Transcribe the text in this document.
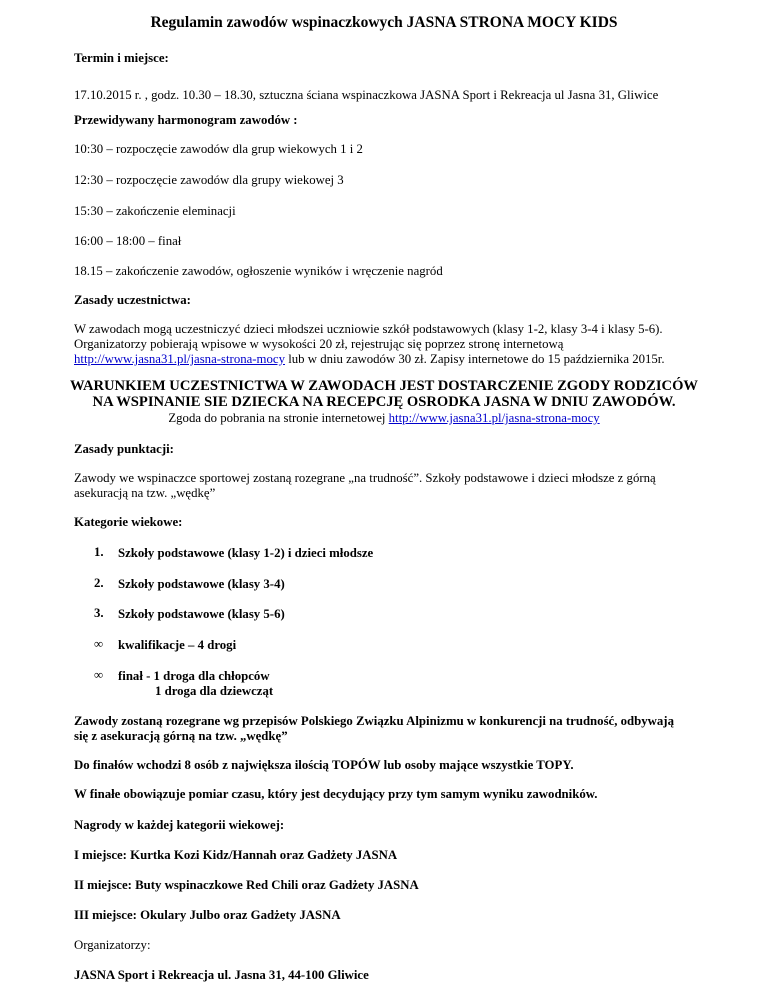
Regulamin zawodów wspinaczkowych JASNA STRONA MOCY KIDS
Termin i miejsce:
17.10.2015 r. , godz. 10.30 – 18.30, sztuczna ściana wspinaczkowa JASNA Sport i Rekreacja ul Jasna 31, Gliwice
Przewidywany harmonogram zawodów :
10:30 – rozpoczęcie zawodów dla grup wiekowych 1 i 2
12:30 – rozpoczęcie zawodów dla grupy wiekowej 3
15:30 – zakończenie eleminacji
16:00 – 18:00 – finał
18.15 – zakończenie zawodów, ogłoszenie wyników i wręczenie nagród
Zasady uczestnictwa:
W zawodach mogą uczestniczyć dzieci młodszei uczniowie szkół podstawowych (klasy 1-2, klasy 3-4 i klasy 5-6).
Organizatorzy pobierają wpisowe w wysokości 20 zł, rejestrując się poprzez stronę internetową
http://www.jasna31.pl/jasna-strona-mocy lub w dniu zawodów 30 zł. Zapisy internetowe do 15 października 2015r.
WARUNKIEM UCZESTNICTWA W ZAWODACH JEST DOSTARCZENIE ZGODY RODZICÓW
NA WSPINANIE SIE DZIECKA NA RECEPCJĘ OSRODKA JASNA W DNIU ZAWODÓW.
Zgoda do pobrania na stronie internetowej http://www.jasna31.pl/jasna-strona-mocy
Zasady punktacji:
Zawody we wspinaczce sportowej zostaną rozegrane „na trudność”. Szkoły podstawowe i dzieci młodsze z górną
asekuracją na tzw. „wędkę”
Kategorie wiekowe:
1. Szkoły podstawowe (klasy 1-2) i dzieci młodsze
2. Szkoły podstawowe (klasy 3-4)
3. Szkoły podstawowe (klasy 5-6)
∞ kwalifikacje – 4 drogi
∞ finał - 1 droga dla chłopców
1 droga dla dziewcząt
Zawody zostaną rozegrane wg przepisów Polskiego Związku Alpinizmu w konkurencji na trudność, odbywają
się z asekuracją górną na tzw. „wędkę”
Do finałów wchodzi 8 osób z największa ilością TOPÓW lub osoby mające wszystkie TOPY.
W finałe obowiązuje pomiar czasu, który jest decydujący przy tym samym wyniku zawodników.
Nagrody w każdej kategorii wiekowej:
I miejsce: Kurtka Kozi Kidz/Hannah oraz Gadżety JASNA
II miejsce: Buty wspinaczkowe Red Chili oraz Gadżety JASNA
III miejsce: Okulary Julbo oraz Gadżety JASNA
Organizatorzy:
JASNA Sport i Rekreacja ul. Jasna 31, 44-100 Gliwice
